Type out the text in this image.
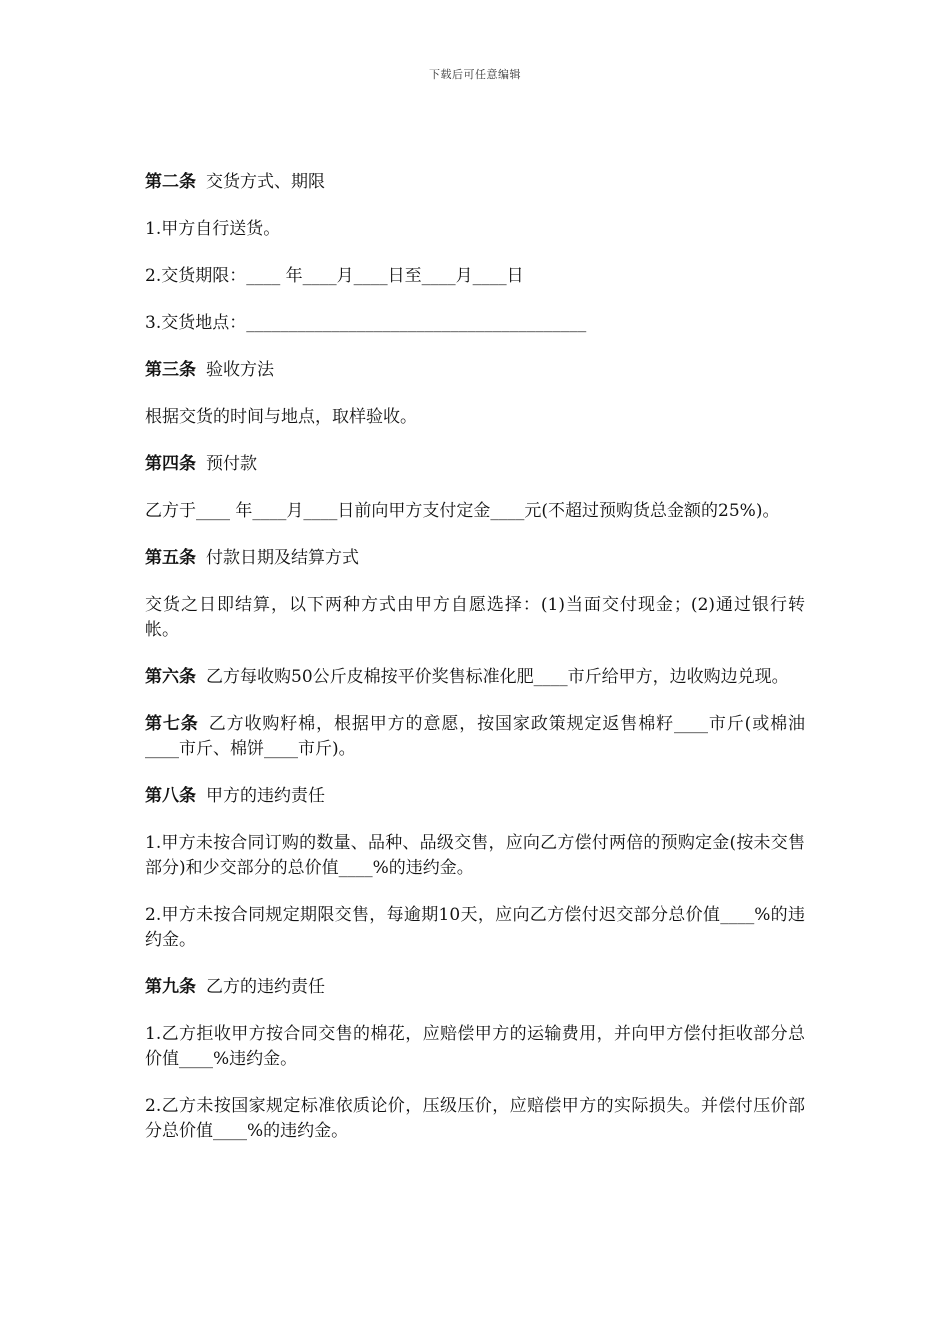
下载后可任意编辑
第二条 交货方式、期限

1.甲方自行送货。

2.交货期限：____ 年____月____日至____月____日

3.交货地点：________________________________________

第三条 验收方法

根据交货的时间与地点，取样验收。

第四条 预付款

乙方于____ 年____月____日前向甲方支付定金____元(不超过预购货总金额的25%)。

第五条 付款日期及结算方式

交货之日即结算，以下两种方式由甲方自愿选择：(1)当面交付现金；(2)通过银行转帐。

第六条 乙方每收购50公斤皮棉按平价奖售标准化肥____市斤给甲方，边收购边兑现。

第七条 乙方收购籽棉，根据甲方的意愿，按国家政策规定返售棉籽____市斤(或棉油____市斤、棉饼____市斤)。

第八条 甲方的违约责任

1.甲方未按合同订购的数量、品种、品级交售，应向乙方偿付两倍的预购定金(按未交售部分)和少交部分的总价值____%的违约金。

2.甲方未按合同规定期限交售，每逾期10天，应向乙方偿付迟交部分总价值____%的违约金。

第九条 乙方的违约责任

1.乙方拒收甲方按合同交售的棉花，应赔偿甲方的运输费用，并向甲方偿付拒收部分总价值____%违约金。

2.乙方未按国家规定标准依质论价，压级压价，应赔偿甲方的实际损失。并偿付压价部分总价值____%的违约金。
